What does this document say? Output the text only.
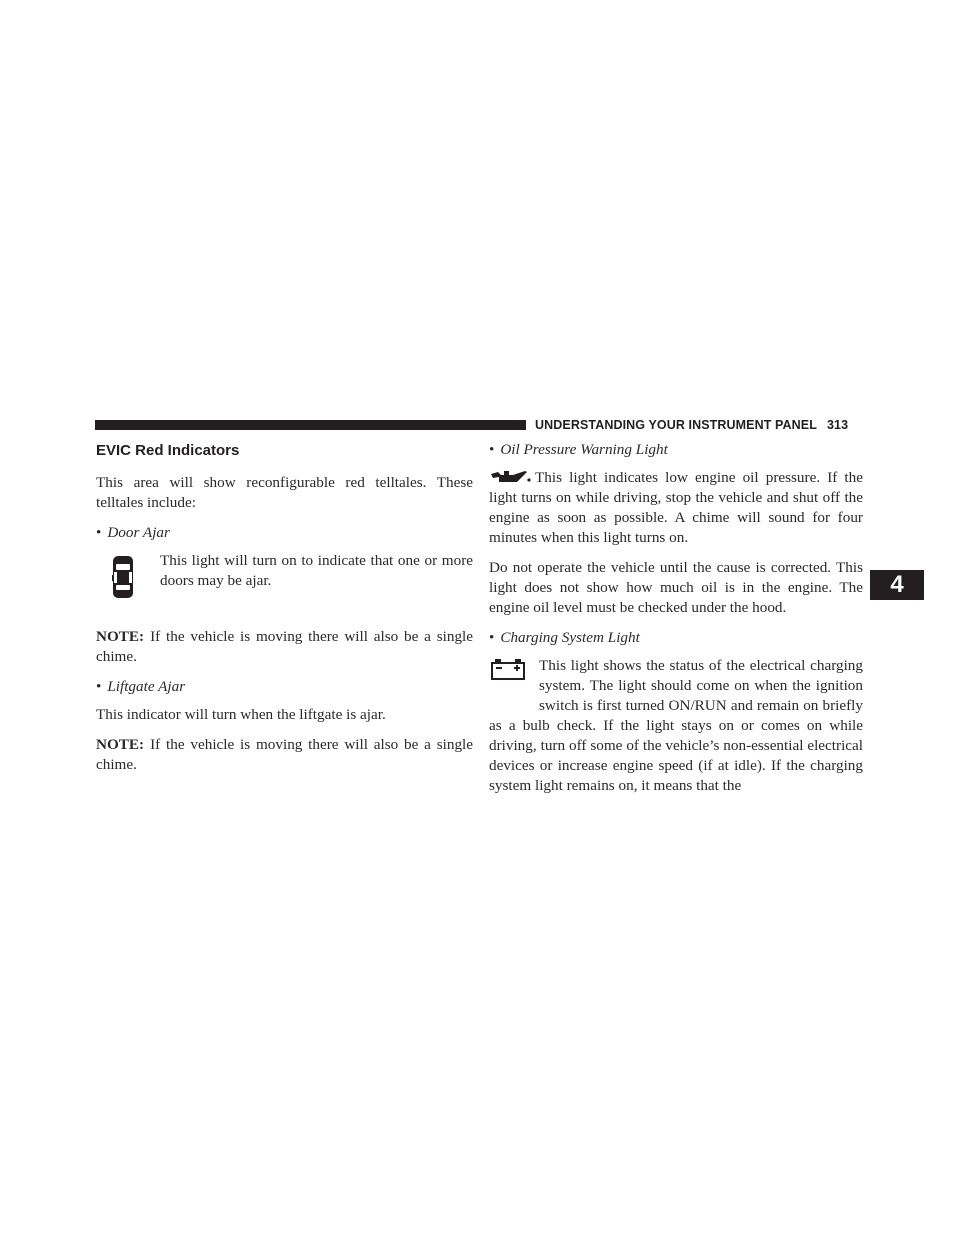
UNDERSTANDING YOUR INSTRUMENT PANEL 313
4
EVIC Red Indicators

This area will show reconfigurable red telltales. These telltales include:

• Door Ajar
This light will turn on to indicate that one or more doors may be ajar.

NOTE: If the vehicle is moving there will also be a single chime.

• Liftgate Ajar

This indicator will turn when the liftgate is ajar.

NOTE: If the vehicle is moving there will also be a single chime.

• Oil Pressure Warning Light

This light indicates low engine oil pressure. If the light turns on while driving, stop the vehicle and shut off the engine as soon as possible. A chime will sound for four minutes when this light turns on.

Do not operate the vehicle until the cause is corrected. This light does not show how much oil is in the engine. The engine oil level must be checked under the hood.

• Charging System Light

This light shows the status of the electrical charging system. The light should come on when the ignition switch is first turned ON/RUN and remain on briefly as a bulb check. If the light stays on or comes on while driving, turn off some of the vehicle’s non-essential electrical devices or increase engine speed (if at idle). If the charging system light remains on, it means that the
